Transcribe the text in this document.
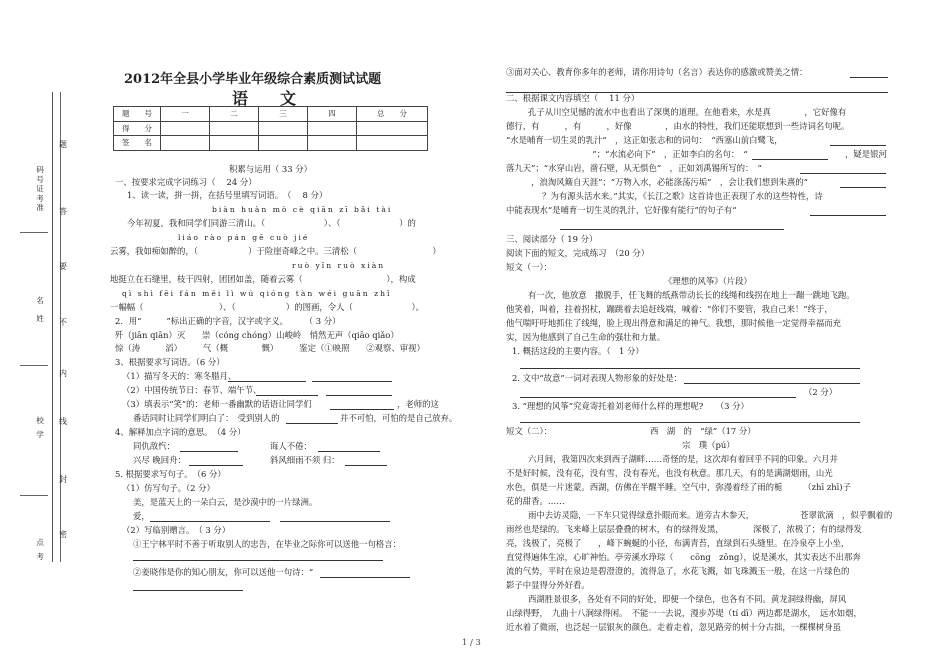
码
号
证
考
准
名
姓
校
学
点
考
题
答
要
不
内
线
封
密
2012年全县小学毕业年级综合素质测试试题
语　文
题　　号	一	二	三	四	总　　分
得　　分					
签　　名					
积累与运用（ 33 分）
一、按要求完成字词练习（　 24 分）
1、读一读，拼一拼，在括号里填写词语。　（　 8 分）
biàn huàn mò cè qiān zī bǎi tài
今年初夏，我和同学们同游三清山。（　　　　　　　）、（　　　　　　　）的
liáo rào pán gē cuò jié
云雾，我如痴如醉的，（　　　　　　）于险崖奇峰之中。三清松（　　　　　　　　　）
ruò yǐn ruò xiàn
地挺立在石缝里，枝干四射，团团如盖，随着云雾（　　　　　　　　　　），构成
qì shì fēi fán měi lì wú qióng tàn wéi guān zhǐ
一幅幅（　　　　　　　　　）、（　　　　　　）的图画，令人（　　　　　　　）。
2．用“　　　”标出正确的字音，汉字或字义。　　　（ 3 分）
歼（jiān qiān）灭　　崇（cóng chóng）山峻岭　悄然无声（qiāo qiǎo）
惊（涛　　　滔）　　　气（概　　　　慨）　　　鉴定（①映照　　②观察、审视）
3、根据要求写词语。（6 分）
（1）描写冬天的：寒冬腊月、
（2）中国传统节日：春节、端午节、
（3）填表示“笑”的：老师一番幽默的话语让同学们	，老师的这
番话同时让同学们明白了：　受到别人的	并不可怕，可怕的是自己放弃。
4、解释加点字词的意思。　（4 分）
同仇敌忾：	诲人不倦：
兴尽 晚回舟：	斜风细雨不须 归：
5. 根据要求写句子。　（6 分）
（1）仿写句子。（2 分）
美，是蓝天上的一朵白云，是沙漠中的一片绿洲。
爱，
（2）写临别赠言。　（ 3 分）
①王宁林平时不善于听取别人的忠告，在毕业之际你可以送他一句格言：
②姜晓伟是你的知心朋友，你可以送他一句诗：“
③面对关心、教育你多年的老师，请你用诗句（名言）表达你的感激或赞美之情：
二、根据课文内容填空（　 11 分）
孔子从川空见憾的流水中也看出了深奥的道理。在他看来，水是真　　　　，它好像有
德行，有　　　，有　　　，好像　　　　，由水的特性，我们还能联想到一些诗词名句呢。
“水是哺育一切生灵的乳汁”　，这正如张志和的词句：　“西塞山前白鹭飞，
　　　　　　　　　　 ”；“水流必向下”　，正如李白的名句：　“	，疑是银河
落九天”；“水穿山岩，凿石壁，从无惧色”　，正如刘禹锡所写的：　“
　　　，浪淘风簸自天涯”；“万物入水，必能涤荡污垢”　，会让我们想到朱熹的“
　　　　 ？为有源头活水来。”其实，《长江之歌》这首诗也正表现了水的这些特性，诗
中能表现水“是哺育一切生灵的乳汁，它好像有能行”的句子有“
三、阅读部分（ 19 分）
阅读下面的短文，完成练习　（20 分）
短文（一）：
《理想的风筝》（片段）
有一次，他放意　撒脱手，任飞舞的纸燕带动长长的线绳和线拐在地上一蹦一跳地飞跑。
他笑着，叫着，拄着拐杖，蹦跳着去追赶线端，喊着：“你们不要管，我自己来！”终于，
他气喘吁吁地抓住了线绳，脸上现出得意和满足的神气。我想，那时候他一定觉得幸福而充
实，因为他感到了自己生命的强壮和力量。
1. 概括这段的主要内容。（　1 分）
2. 文中“故意”一词对表现人物形象的好处是：
（2 分）
3. “理想的风筝”究竟寄托着刘老师什么样的理想呢?　　（3 分）
短文（二）：	西　湖　的　“绿”（17 分）
宗　璞（pú）
六月间，我第四次来到西子湖畔……奇怪的是，这次却有着回乎不同的印象。六月并
不是好时候，没有花，没有雪，没有春光，也没有秋意。那几天，有的是满湖烟雨，山光
水色，俱是一片迷蒙。西湖，仿佛在半醒半睡。空气中，弥漫着经了雨的栀　　　（zhī zhī)子
花的甜香。……
雨中去访灵隐，一下车只觉得绿意扑眼而来。道旁古木参天，　　　　　　苍翠欲滴　，似乎飘着的
雨丝也是绿的。飞来峰上层层叠叠的树木，有的绿得发黑，　　　　深极了，浓极了；有的绿得发
亮，浅极了，亮极了　　，峰下蜿蜒的小径，布满青苔，直绿到石头缝里。在冷泉亭上小坐，
直觉得遍体生凉，心旷神怡。亭旁溪水琤琮（　　cōng　zōng），说是溪水，其实表达不出那奔
流的气势，平时在泉边是碧澄澄的，流得急了，水花飞溅，如飞珠溅玉一般，在这一片绿色的
影子中显得分外好看。
西湖胜景很多，各处有不同的好处，即便一个绿色，也各有不同。黄龙洞绿得幽，屏风
山绿得野，　九曲十八涧绿得闲。　不能一一去说，漫步苏堤（tí dī）两边都是湖水，　远水如烟，
近水着了微雨，也泛起一层银灰的颜色。走着走着，忽见路旁的树十分古拙，一棵棵树身虽
1 / 3
